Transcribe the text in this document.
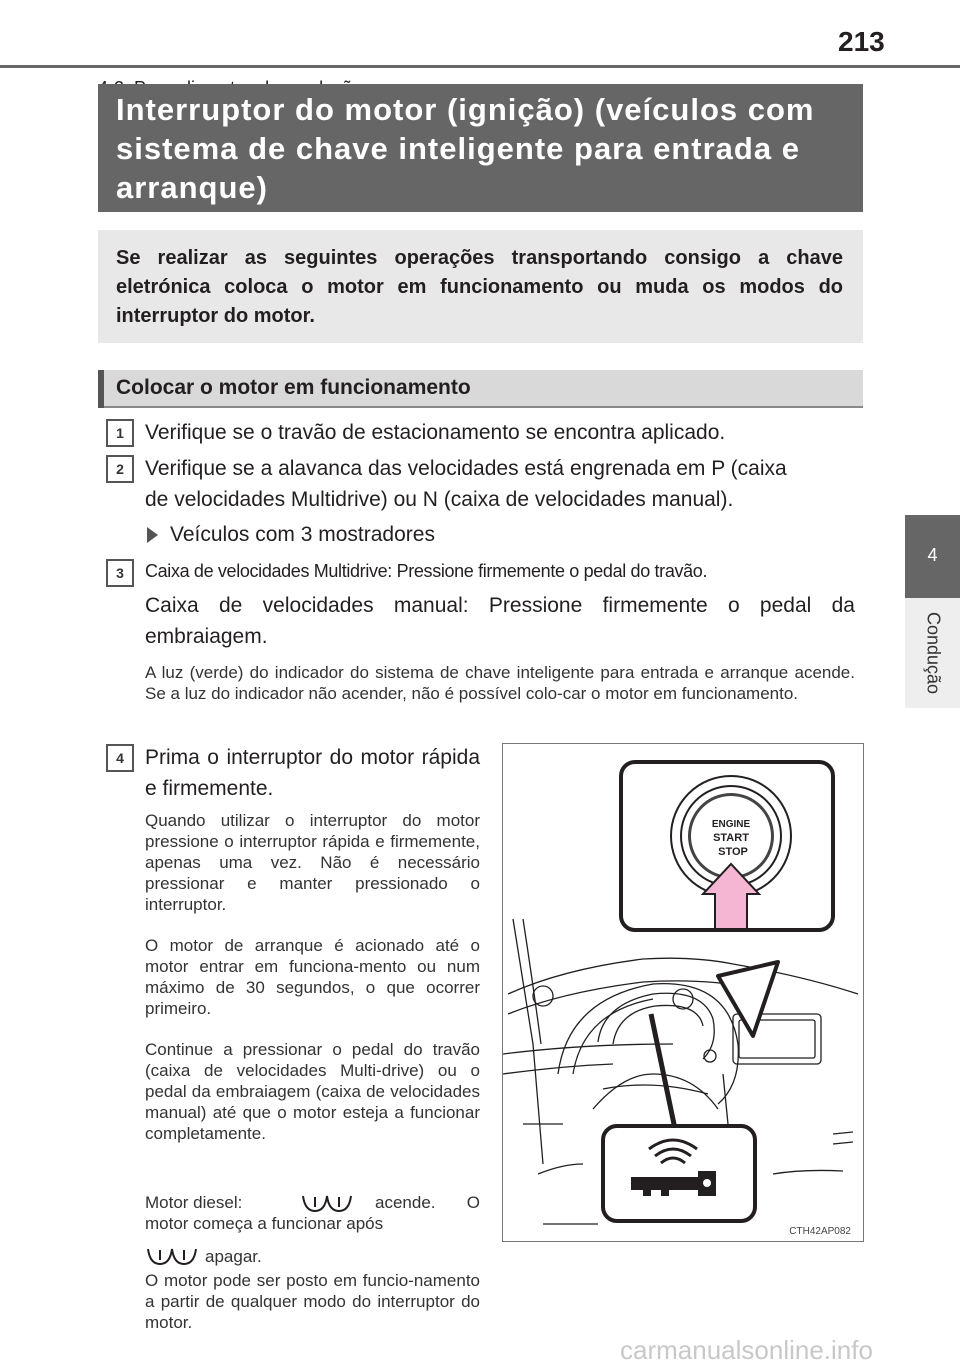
213
4
Condução
Interruptor do motor (ignição) (veículos com sistema de chave inteligente para entrada e arranque)

Se realizar as seguintes operações transportando consigo a chave eletrónica coloca o motor em funcionamento ou muda os modos do interruptor do motor.

Colocar o motor em funcionamento
1	Verifique se o travão de estacionamento se encontra aplicado.
2	Verifique se a alavanca das velocidades está engrenada em P (caixa
de velocidades Multidrive) ou N (caixa de velocidades manual).
Veículos com 3 mostradores
3	Caixa de velocidades Multidrive: Pressione firmemente o pedal do travão.
Caixa de velocidades manual: Pressione firmemente o pedal da embraiagem.
A luz (verde) do indicador do sistema de chave inteligente para entrada e arranque acende. Se a luz do indicador não acender, não é possível colo-car o motor em funcionamento.
4	Prima o interruptor do motor rápida e firmemente.
Quando utilizar o interruptor do motor pressione o interruptor rápida e firmemente, apenas uma vez. Não é necessário pressionar e manter pressionado o interruptor.
O motor de arranque é acionado até o motor entrar em funciona-mento ou num máximo de 30 segundos, o que ocorrer primeiro.
Continue a pressionar o pedal do travão (caixa de velocidades Multi-drive) ou o pedal da embraiagem (caixa de velocidades manual) até que o motor esteja a funcionar completamente.
Motor diesel:	acende. O motor começa a funcionar após
apagar.
O motor pode ser posto em funcio-namento a partir de qualquer modo do interruptor do motor.
ENGINE
START
STOP
CTH42AP082
carmanualsonline.info
